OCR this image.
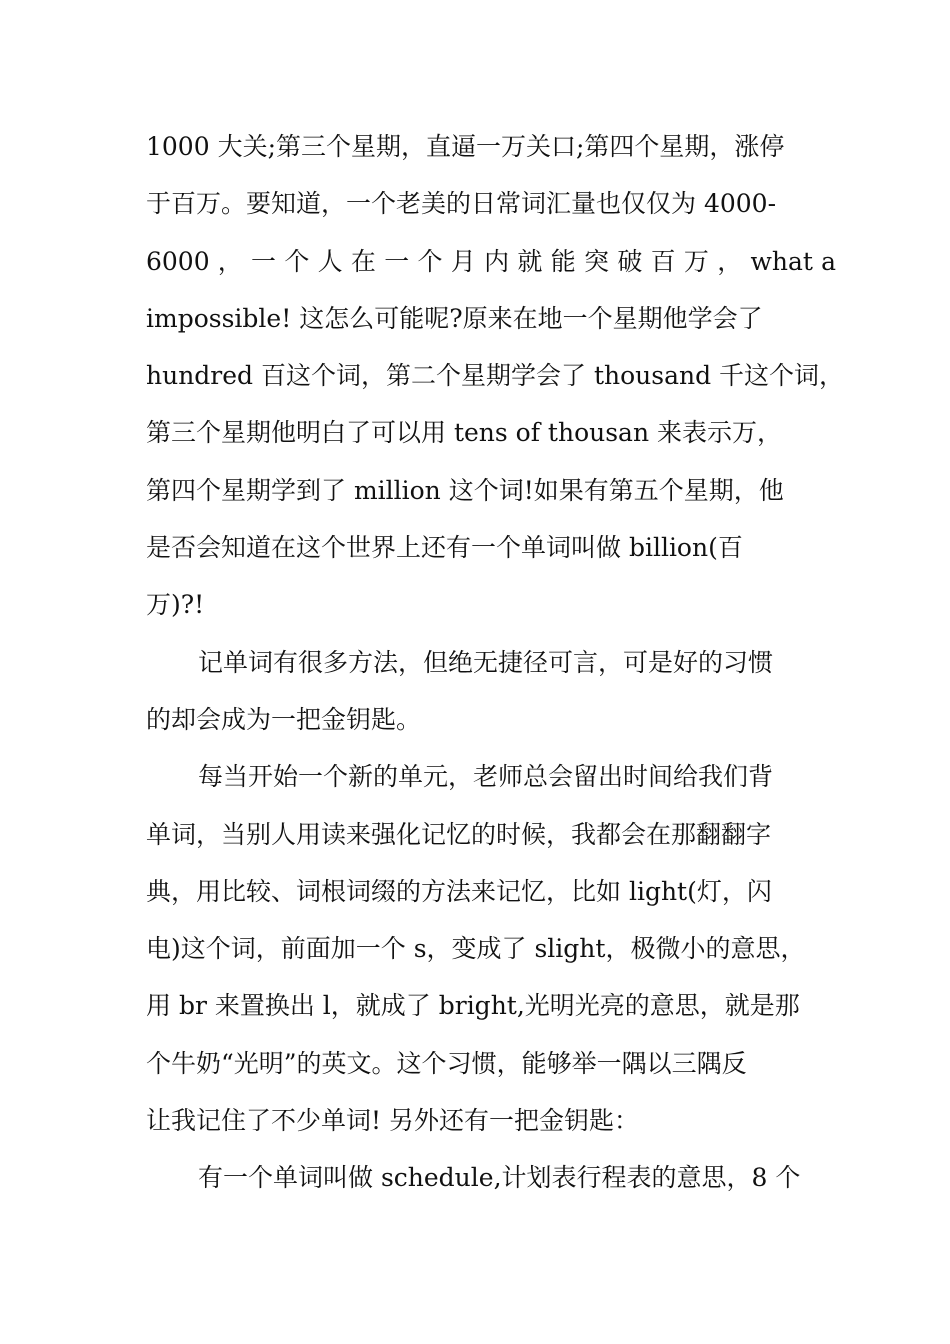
1000 大关;第三个星期，直逼一万关口;第四个星期，涨停
于百万。要知道，一个老美的日常词汇量也仅仅为 4000-
6000 ， 一 个 人 在 一 个 月 内 就 能 突 破 百 万 ， what a
impossible! 这怎么可能呢?原来在地一个星期他学会了
hundred 百这个词，第二个星期学会了 thousand 千这个词，
第三个星期他明白了可以用 tens of thousan 来表示万，
第四个星期学到了 million 这个词!如果有第五个星期，他
是否会知道在这个世界上还有一个单词叫做 billion(百
万)?!
记单词有很多方法，但绝无捷径可言，可是好的习惯
的却会成为一把金钥匙。
每当开始一个新的单元，老师总会留出时间给我们背
单词，当别人用读来强化记忆的时候，我都会在那翻翻字
典，用比较、词根词缀的方法来记忆，比如 light(灯，闪
电)这个词，前面加一个 s，变成了 slight，极微小的意思，
用 br 来置换出 l，就成了 bright,光明光亮的意思，就是那
个牛奶“光明”的英文。这个习惯，能够举一隅以三隅反
让我记住了不少单词! 另外还有一把金钥匙：
有一个单词叫做 schedule,计划表行程表的意思，8 个
